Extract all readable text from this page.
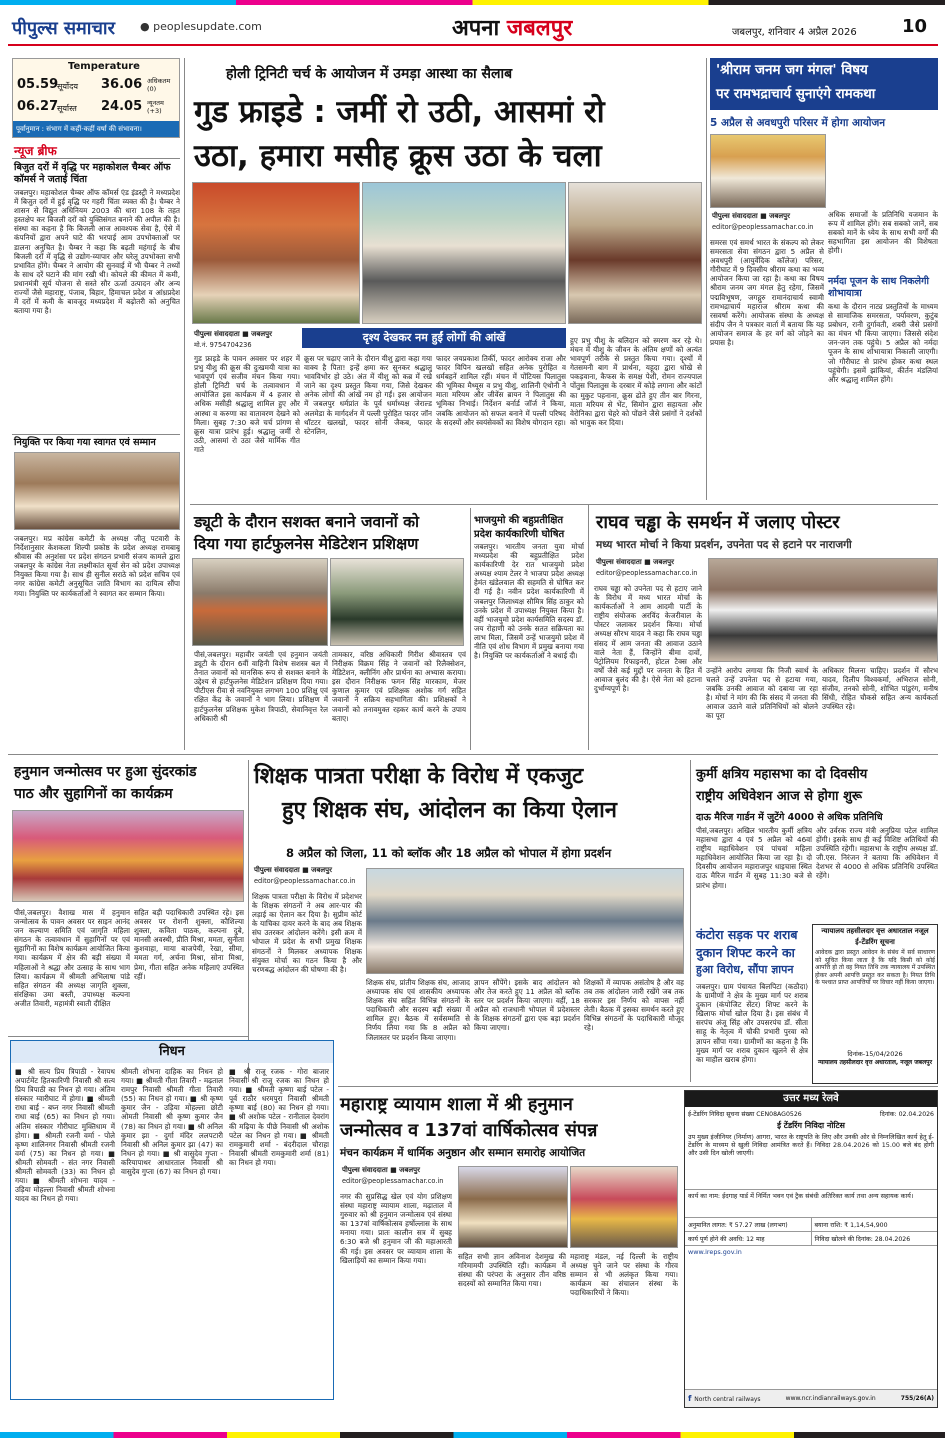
पीपुल्स समाचार ● peoplesupdate.com	अपना जबलपुर	जबलपुर, शनिवार 4 अप्रैल 2026	10
Temperature
05.59
सूर्योदय 36.06 अधिकतम (0)
06.27
सूर्यास्त 24.05 न्यूनतम (+3)
पूर्वानुमान : संभाग में कहीं-कहीं वर्षा की संभावना।
न्यूज ब्रीफ
बिजुत दरों में वृद्धि पर महाकोशल चैम्बर ऑफ कॉमर्स ने जताई चिंता
जबलपुर। महाकोशल चैम्बर ऑफ कॉमर्स एंड इंडस्ट्री ने मध्यप्रदेश में बिजुत दरों में हुई वृद्धि पर गहरी चिंता व्यक्त की है। चैम्बर ने शासन से विद्युत अधिनियम 2003 की धारा 108 के तहत हस्तक्षेप कर बिजली दरों को युक्तिसंगत बनाने की अपील की है। संस्था का कहना है कि बिजली आज आवश्यक सेवा है, ऐसे में कंपनियों द्वारा अपने घाटे की भरपाई आम उपभोक्ताओं पर डालना अनुचित है। चैम्बर ने कहा कि बढ़ती महंगाई के बीच बिजली दरों में वृद्धि से उद्योग-व्यापार और घरेलू उपभोक्ता सभी प्रभावित होंगे। चैम्बर ने आयोग की सुनवाई में भी चैम्बर ने तथ्यों के साथ दरें घटाने की मांग रखी थी। कोयले की कीमत में कमी, प्रधानमंत्री सूर्य योजना से सस्ते सौर ऊर्जा उत्पादन और अन्य राज्यों जैसे महाराष्ट्र, पंजाब, बिहार, हिमाचल प्रदेश व आंध्रप्रदेश में दरों में कमी के बावजूद मध्यप्रदेश में बढ़ोतरी को अनुचित बताया गया है।
नियुक्ति पर किया गया स्वागत एवं सम्मान
जबलपुर। मप्र कांग्रेस कमेटी के अध्यक्ष जीतू पटवारी के निर्देशानुसार केशकला शिल्पी प्रकोष्ठ के प्रदेश अध्यक्ष रामबाबू श्रीवास की अनुशंसा पर प्रदेश संगठन प्रभारी संजय कामले द्वारा जबलपुर के कांग्रेस नेता लक्ष्मीकांत सूर्या सेन को प्रदेश उपाध्यक्ष नियुक्त किया गया है। साथ ही सुनील सराठे को प्रदेश सचिव एवं नगर कांग्रेस कमेटी अनुसूचित जाति विभाग का दायित्व सौंपा गया। नियुक्ति पर कार्यकर्ताओं ने स्वागत कर सम्मान किया।
होली ट्रिनिटी चर्च के आयोजन में उमड़ा आस्था का सैलाब
गुड फ्राइडे : जमीं रो उठी, आसमां रो
उठा, हमारा मसीह क्रूस उठा के चला
पीपुल्स संवाददाता ■ जबलपुर
मो.नं. 9754704236
दृश्य देखकर नम हुईं लोगों की आंखें
गुड फ्राइडे के पावन अवसर पर शहर में प्रभु यीशु की क्रूस की दुःखमयी यात्रा का भावपूर्ण एवं सजीव मंचन किया गया। होली ट्रिनिटी चर्च के तत्वावधान में आयोजित इस कार्यक्रम में 4 हजार से अधिक मसीही श्रद्धालु शामिल हुए और आस्था व करुणा का वातावरण देखने को मिला। सुबह 7:30 बजे चर्च प्रांगण से क्रूस यात्रा प्रारंभ हुई। श्रद्धालु जमीं रो उठी, आसमां रो उठा जैसे मार्मिक गीत गाते
क्रूस पर चढ़ाए जाने के दौरान यीशु द्वारा कहा गया वाक्य है पिता! इन्हें क्षमा कर सुनकर श्रद्धालु भावविभोर हो उठे। अंत में यीशु को कब्र में रखे जाने का दृश्य प्रस्तुत किया गया, जिसे देखकर अनेक लोगों की आंखें नम हो गईं। इस आयोजन में जबलपुर धर्मप्रांत के पूर्व धर्माध्यक्ष जेराल्ड अलमेडा के मार्गदर्शन में पल्ली पुरोहित फादर जॉन थॉटटर खलखो, फादर सोनी जैकब, फादर स्टेनलिन,
फादर जयप्रकाश तिर्की, फादर आरोक्य राजा और फादर विपिन खलखो सहित अनेक पुरोहित व धर्मबहनें शामिल रहीं। मंचन में पोंटियस पिलातुस की भूमिका मैथ्यूस व प्रभु यीशु, शालिनी एंथोनी ने माता मरियम और जीवेंस ब्रायन ने पिलातुस की भूमिका निभाई। निर्देशन बर्नार्ड जॉर्ज ने किया, जबकि आयोजन को सफल बनाने में पल्ली परिषद के सदस्यों और स्वयंसेवकों का विशेष योगदान रहा।
हुए प्रभु यीशु के बलिदान को स्मरण कर रहे थे। मंचन में यीशु के जीवन के अंतिम क्षणों को अत्यंत भावपूर्ण तरीके से प्रस्तुत किया गया। दृश्यों में गेतसमनी बाग में प्रार्थना, यहूदा द्वारा धोखे से पकड़वाना, कैफस के समक्ष पेशी, रोमन राज्यपाल पोंतुस पिलातुस के दरबार में कोड़े लगाना और कांटों का मुकुट पहनाना, क्रूस ढोते हुए तीन बार गिरना, माता मरियम से भेंट, सिमोन द्वारा सहायता और वेरोनिका द्वारा चेहरे को पोंछने जैसे प्रसंगों ने दर्शकों को भावुक कर दिया।
ड्यूटी के दौरान सशक्त बनाने जवानों को
दिया गया हार्टफुलनेस मेडिटेशन प्रशिक्षण
पीसं,जबलपुर। महावीर जयंती एवं हनुमान जयंती ड्यूटी के दौरान 6वीं वाहिनी विशेष सशस्त्र बल में तैनात जवानों को मानसिक रूप से सशक्त बनाने के उद्देश्य से हार्टफुलनेस मेडिटेशन प्रशिक्षण दिया गया। पीटीएस रीवा से नवनियुक्त लगभग 100 प्रशिक्षु एवं रक्षित केंद्र के जवानों ने भाग लिया। प्रशिक्षण में हार्टफुलनेस प्रशिक्षक मुकेश त्रिपाठी, सेवानिवृत्त रेल अधिकारी श्री
तामकार, वरिष्ठ अधिकारी गिरीश श्रीवास्तव एवं निरीक्षक विक्रम सिंह ने जवानों को रिलैक्सेशन, मेडिटेशन, क्लीनिंग और प्रार्थना का अभ्यास कराया। इस दौरान निरीक्षक फगन सिंह मारकाम, मेजर कुणाल कुमार एवं प्रशिक्षक अशोक गर्ग सहित जवानों ने सक्रिय सहभागिता की। प्रशिक्षकों ने जवानों को तनावमुक्त रहकर कार्य करने के उपाय बताए।
भाजयुमो की बहुप्रतीक्षित
प्रदेश कार्यकारिणी घोषित
जबलपुर। भारतीय जनता युवा मोर्चा मध्यप्रदेश की बहुप्रतीक्षित प्रदेश कार्यकारिणी देर रात भाजयुमो प्रदेश अध्यक्ष श्याम टेलर ने भाजपा प्रदेश अध्यक्ष हेमंत खंडेलवाल की सहमति से घोषित कर दी गई है। नवीन प्रदेश कार्यकारिणी में जबलपुर जिलाध्यक्ष सौमित्र सिंह ठाकुर को उनके प्रदेश में उपाध्यक्ष नियुक्त किया है। वहीं भाजयुमो प्रदेश कार्यसमिति सदस्य डॉ. जय रोहाणी को उनके सतत सक्रियता का लाभ मिला, जिसमें उन्हें भाजयुमो प्रदेश में नीति एवं शोध विभाग में प्रमुख बनाया गया है। नियुक्ति पर कार्यकर्ताओं ने बधाई दी।
'श्रीराम जनम जग मंगल' विषय
पर रामभद्राचार्य सुनाएंगे रामकथा
5 अप्रैल से अवधपुरी परिसर में होगा आयोजन
पीपुल्स संवाददाता ■ जबलपुर
editor@peoplessamachar.co.in
समरस एवं समर्थ भारत के संकल्प को लेकर समरसता सेवा संगठन द्वारा 5 अप्रैल से अवधपुरी (आयुर्वेदिक कॉलेज) परिसर, गौरीघाट में 9 दिवसीय श्रीराम कथा का भव्य आयोजन किया जा रहा है। कथा का विषय श्रीराम जनम जग मंगल हेतु रहेगा, जिसमें पद्मविभूषण, जगद्गुरु रामानंदाचार्य स्वामी रामभद्राचार्य महाराज श्रीराम कथा की रसवर्षा करेंगे। आयोजक संस्था के अध्यक्ष संदीप जैन ने पत्रकार वार्ता में बताया कि यह आयोजन समाज के हर वर्ग को जोड़ने का प्रयास है।
अधिक समाजों के प्रतिनिधि यजमान के रूप में शामिल होंगे। सब सबको जानें, सब सबको मानें के ध्येय के साथ सभी वर्गों की सहभागिता इस आयोजन की विशेषता होगी।
नर्मदा पूजन के साथ निकलेगी शोभायात्रा
कथा के दौरान नाट्य प्रस्तुतियों के माध्यम से सामाजिक समरसता, पर्यावरण, कुटुंब प्रबोधन, रानी दुर्गावती, शबरी जैसे प्रसंगों का मंचन भी किया जाएगा। जिससे संदेश जन-जन तक पहुंचे। 5 अप्रैल को नर्मदा पूजन के साथ शोभायात्रा निकाली जाएगी। जो गौरीघाट से प्रारंभ होकर कथा स्थल पहुंचेगी। इसमें झांकियां, कीर्तन मंडलियां और श्रद्धालु शामिल होंगे।
राघव चड्ढा के समर्थन में जलाए पोस्टर
मध्य भारत मोर्चा ने किया प्रदर्शन, उपनेता पद से हटाने पर नाराजगी
पीपुल्स संवाददाता ■ जबलपुर
editor@peoplessamachar.co.in
राघव चड्ढा को उपनेता पद से हटाए जाने के विरोध में मध्य भारत मोर्चा के कार्यकर्ताओं ने आम आदमी पार्टी के राष्ट्रीय संयोजक अरविंद केजरीवाल के पोस्टर जलाकर प्रदर्शन किया। मोर्चा अध्यक्ष सौरभ यादव ने कहा कि राघव चड्ढा संसद में आम जनता की आवाज उठाने वाले नेता हैं, जिन्होंने बीमा दावों, पेट्रोलियम रिफाइनरी, होटल टैक्स और वर्षों जैसे कई मुद्दों पर जनता के हित में आवाज बुलंद की है। ऐसे नेता को हटाना दुर्भाग्यपूर्ण है।
उन्होंने आरोप लगाया कि निजी स्वार्थ के चलते उन्हें उपनेता पद से हटाया गया, जबकि उनकी आवाज को दबाया जा रहा है। मोर्चा ने मांग की कि संसद में जनता की आवाज उठाने वाले प्रतिनिधियों को बोलने का पूरा
अधिकार मिलना चाहिए। प्रदर्शन में सौरभ यादव, दिलीप विश्वकर्मा, अभिराज सोनी, संजीव, तनको सोनी, शोभित पांडुरंग, मनीष सिंधी, रोहित चौकसे सहित अन्य कार्यकर्ता उपस्थित रहे।
हनुमान जन्मोत्सव पर हुआ सुंदरकांड
पाठ और सुहागिनों का कार्यक्रम
पीसं,जबलपुर। वैशाख मास में हनुमान जन्मोत्सव के पावन अवसर पर साइन आनंद जन कल्याण समिति एवं जागृति महिला संगठन के तत्वावधान में सुहागिनों पर एवं सुहागिनों का विशेष कार्यक्रम आयोजित किया गया। कार्यक्रम में क्षेत्र की बड़ी संख्या में महिलाओं ने श्रद्धा और उत्साह के साथ भाग लिया। कार्यक्रम में श्रीमती अभिलाषा पांडे सहित संगठन की अध्यक्ष जागृति शुक्ला, संरक्षिका उमा बस्ती, उपाध्यक्ष कल्पना अजीत तिवारी, महामंत्री स्वाती दीक्षित
सहित बड़ी पदाधिकारी उपस्थित रहे। इस अवसर पर रोशनी शुक्ला, कौशिल्या शुक्ला, कविता पाठक, कल्पना दुबे, मानसी अवस्थी, प्रीति मिश्रा, ममता, सुनीता कुशवाहा, माया बाजपेयी, रेखा, सीमा, ममता गर्ग, अर्चना मिश्रा, सोना मिश्रा, प्रेमा, गीता सहित अनेक महिलाएं उपस्थित रहीं।
शिक्षक पात्रता परीक्षा के विरोध में एकजुट
हुए शिक्षक संघ, आंदोलन का किया ऐलान
8 अप्रैल को जिला, 11 को ब्लॉक और 18 अप्रैल को भोपाल में होगा प्रदर्शन
पीपुल्स संवाददाता ■ जबलपुर
editor@peoplessamachar.co.in
शिक्षक पात्रता परीक्षा के विरोध में प्रदेशभर के शिक्षक संगठनों ने अब आर-पार की लड़ाई का ऐलान कर दिया है। सुप्रीम कोर्ट के याचिका दायर करने के बाद अब शिक्षक संघ उतरकर आंदोलन करेंगे। इसी क्रम में भोपाल में प्रदेश के सभी प्रमुख शिक्षक संगठनों ने मिलकर अध्यापक शिक्षक संयुक्त मोर्चा का गठन किया है और चरणबद्ध आंदोलन की घोषणा की है।
शिक्षक संघ, प्रांतीय शिक्षक संघ, आजाद अध्यापक संघ एवं शासकीय अध्यापक शिक्षक संघ सहित विभिन्न संगठनों के पदाधिकारी और सदस्य बड़ी संख्या में शामिल हुए। बैठक में सर्वसम्मति से निर्णय लिया गया कि 8 अप्रैल को जिलास्तर पर प्रदर्शन किया जाएगा।
ज्ञापन सौंपेंगे। इसके बाद आंदोलन को और तेज करते हुए 11 अप्रैल को ब्लॉक स्तर पर प्रदर्शन किया जाएगा। वहीं, 18 अप्रैल को राजधानी भोपाल में प्रदेशस्तर के शिक्षक संगठनों द्वारा एक बड़ा प्रदर्शन किया जाएगा।
शिक्षकों में व्यापक असंतोष है और वह तब तक आंदोलन जारी रखेंगे जब तक सरकार इस निर्णय को वापस नहीं लेती। बैठक में इसका समर्थन करते हुए विभिन्न संगठनों के पदाधिकारी मौजूद रहे।
कुर्मी क्षत्रिय महासभा का दो दिवसीय
राष्ट्रीय अधिवेशन आज से होगा शुरू
दाऊ मैरिज गार्डन में जुटेंगे 4000 से अधिक प्रतिनिधि
पीसं,जबलपुर। अखिल भारतीय कुर्मी क्षत्रिय महासभा द्वारा 4 एवं 5 अप्रैल को 46वां राष्ट्रीय महाधिवेशन एवं पांचवां महिला महाधिवेशन आयोजित किया जा रहा है। दो दिवसीय आयोजन महाराजपुर धाइचास स्थित दाऊ मैरिज गार्डन में सुबह 11:30 बजे से प्रारंभ होगा।
और उर्वरक राज्य मंत्री अनुप्रिया पटेल शामिल होंगी। इसके साथ ही कई विशिष्ट अतिथियों की उपस्थिति रहेगी। महासभा के राष्ट्रीय अध्यक्ष डॉ. जी.एस. निरंजन ने बताया कि अधिवेशन में देशभर से 4000 से अधिक प्रतिनिधि उपस्थित रहेंगे।
न्यायालय तहसीलदार वृत्त अधारताल नजूल
ई-टेंडरिंग सूचना
आवेदक द्वारा प्रस्तुत आवेदन के संबंध में सर्व साधारण को सूचित किया जाता है कि यदि किसी को कोई आपत्ति हो तो वह नियत तिथि तक न्यायालय में उपस्थित होकर अपनी आपत्ति प्रस्तुत कर सकता है। नियत तिथि के पश्चात प्राप्त आपत्तियों पर विचार नहीं किया जाएगा।
दिनांक-15/04/2026
न्यायालय तहसीलदार वृत्त अधारताल, नजूल जबलपुर
कंटोरा सड़क पर शराब
दुकान शिफ्ट करने का
हुआ विरोध, सौंपा ज्ञापन
जबलपुर। ग्राम पंचायत बिलपिटा (कठौदा) के ग्रामीणों ने क्षेत्र के मुख्य मार्ग पर शराब दुकान (कंपोजिट सेंटर) शिफ्ट करने के खिलाफ मोर्चा खोल दिया है। इस संबंध में सरपंच अंजू सिंह और उपसरपंच डॉ. सीता साहू के नेतृत्व में चौकी प्रभारी पुरवा को ज्ञापन सौंपा गया। ग्रामीणों का कहना है कि मुख्य मार्ग पर शराब दुकान खुलने से क्षेत्र का माहौल खराब होगा।
निधन
■ श्री सत्य प्रिय त्रिपाठी - रेवापथ अपार्टमेंट हितकारिणी निवासी श्री सत्य प्रिय त्रिपाठी का निधन हो गया। अंतिम संस्कार ग्वारीघाट में होगा। ■ श्रीमती राधा बाई - बघ्न नगर निवासी श्रीमती राधा बाई (65) का निधन हो गया। अंतिम संस्कार गौरीघाट मुक्तिधाम में होगा। ■ श्रीमती रजनी वर्मा - पोले कृष्ण शालिनगर निवासी श्रीमती रजनी वर्मा (75) का निधन हो गया। ■ श्रीमती सोमवती - संत नगर निवासी श्रीमती सोमवती (33) का निधन हो गया। ■ श्रीमती शोभना यादव - उड़िया मोहल्ला निवासी श्रीमती शोभना यादव का निधन हो गया।
श्रीमती शोभना दाहिक का निधन हो गया। ■ श्रीमती गीता तिवारी - मढ़ताल रामपुर निवासी श्रीमती गीता तिवारी (55) का निधन हो गया। ■ श्री कृष्ण कुमार जैन - उड़िया मोहल्ला छोटी ओमती निवासी श्री कृष्ण कुमार जैन (78) का निधन हो गया। ■ श्री अनिल कुमार झा - दुर्गा मंदिर ललपटारी निवासी श्री अनिल कुमार झा (47) का निधन हो गया। ■ श्री वासुदेव गुप्ता - करियापाथर आधारताल निवासी श्री वासुदेव गुप्ता (67) का निधन हो गया।
■ श्री राजू रजक - गोरा बाजार निवासी श्री राजू रजक का निधन हो गया। ■ श्रीमती कृष्णा बाई पटेल - पूर्व राठौर धरमपुरा निवासी श्रीमती कृष्णा बाई (80) का निधन हो गया। ■ श्री अशोक पटेल - रानीताल देवरांग की मढ़िया के पीछे निवासी श्री अशोक पटेल का निधन हो गया। ■ श्रीमती रामकुमारी शर्मा - बंदरीदाल चौराहा निवासी श्रीमती रामकुमारी शर्मा (81) का निधन हो गया।
महाराष्ट्र व्यायाम शाला में श्री हनुमान
जन्मोत्सव व 137वां वार्षिकोत्सव संपन्न
मंचन कार्यक्रम में धार्मिक अनुष्ठान और सम्मान समारोह आयोजित
पीपुल्स संवाददाता ■ जबलपुर
editor@peoplessamachar.co.in
नगर की सुप्रसिद्ध खेल एवं योग प्रशिक्षण संस्था महाराष्ट्र व्यायाम शाला, मढ़ाताल में गुरुवार को श्री हनुमान जन्मोत्सव एवं संस्था का 137वां वार्षिकोत्सव हर्षोल्लास के साथ मनाया गया। प्रातः कालीन सत्र में सुबह 6:30 बजे श्री हनुमान जी की महाआरती की गई। इस अवसर पर व्यायाम शाला के खिलाड़ियों का सम्मान किया गया।	सहित सभी ज्ञान अविनाश देशमुख की गरिमामयी उपस्थिति रही। कार्यक्रम में संस्था की परंपरा के अनुसार तीन वरिष्ठ सदस्यों को सम्मानित किया गया।
महाराष्ट्र मंडल, नई दिल्ली के राष्ट्रीय अध्यक्ष चुने जाने पर संस्था के गौरव सम्मान से भी अलंकृत किया गया। कार्यक्रम का संचालन संस्था के पदाधिकारियों ने किया।
उत्तर मध्य रेलवे
ई-टेंडरिंग निविदा सूचना संख्या CEN08AG0526	दिनांक: 02.04.2026
ई टेंडरिंग निविदा नोटिस
उप मुख्य इंजीनियर (निर्माण) आगरा, भारत के राष्ट्रपति के लिए और उनकी ओर से निम्नलिखित कार्य हेतु ई-टेंडरिंग के माध्यम से खुली निविदा आमंत्रित करते हैं। निविदा 28.04.2026 को 15.00 बजे बंद होगी और उसी दिन खोली जाएगी।
कार्य का नाम: ईदगाह यार्ड में निर्मित भवन एवं ट्रैक संबंधी अतिरिक्त कार्य तथा अन्य सहायक कार्य।
अनुमानित लागत: ₹ 57.27 लाख (लगभग)	बयाना राशि: ₹ 1,14,54,900
कार्य पूर्ण होने की अवधि: 12 माह	निविदा खोलने की दिनांक: 28.04.2026
www.ireps.gov.in
f North central railways	www.ncr.indianrailways.gov.in	755/26(A)
